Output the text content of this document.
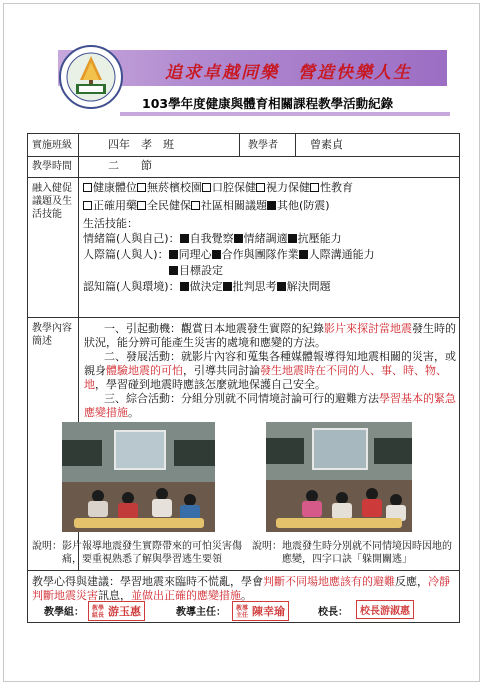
追求卓越同樂　營造快樂人生
103學年度健康與體育相關課程教學活動紀錄
實施班級	四年　孝　班	教學者	曾素貞
教學時間	二　　節
融入健促議題及生活技能
健康體位 無菸檳校園 口腔保健 視力保健 性教育
正確用藥 全民健保 社區相關議題 其他(防震)
生活技能：
情緒篇(人與自己)： 自我覺察 情緒調適 抗壓能力
人際篇(人與人)： 同理心 合作與團隊作業 人際溝通能力
目標設定
認知篇(人與環境)： 做決定 批判思考 解決問題
教學內容簡述
一、引起動機：觀賞日本地震發生實際的紀錄影片來探討當地震發生時的狀況，能分辨可能產生災害的處境和應變的方法。
二、發展活動：就影片內容和蒐集各種媒體報導得知地震相關的災害，或親身體驗地震的可怕，引導共同討論發生地震時在不同的人、事、時、物、地，學習碰到地震時應該怎麼就地保護自己安全。
三、綜合活動：分組分別就不同情境討論可行的避難方法學習基本的緊急應變措施。
說明： 影片報導地震發生實際帶來的可怕災害傷痛，要重視熟悉了解與學習逃生要領
說明： 地震發生時分別就不同情境因時因地的應變，四字口訣「躲開關逃」
教學心得與建議：學習地震來臨時不慌亂，學會判斷不同場地應該有的避難反應，冷靜判斷地震災害訊息，並做出正確的應變措施。
教學組：	教學組長 游玉惠	教導主任：	教導主任 陳幸瑜	校長：	校長游淑惠
